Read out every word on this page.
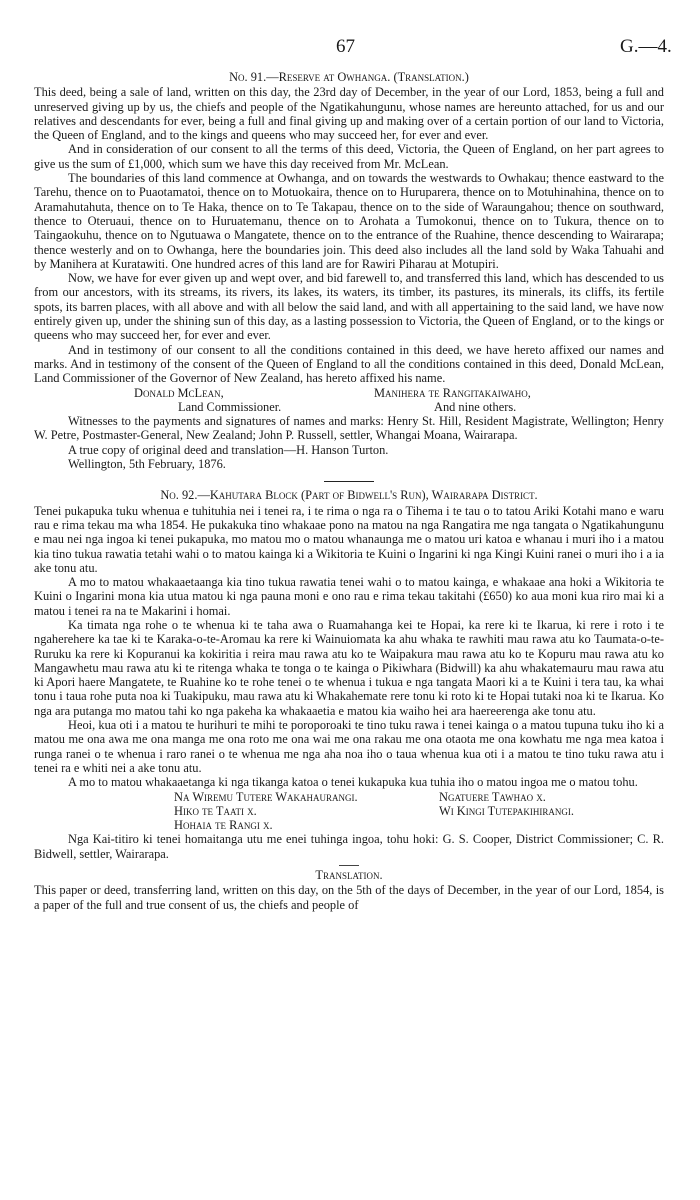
67	G.—4.

No. 91.—Reserve at Owhanga. (Translation.)

This deed, being a sale of land, written on this day, the 23rd day of December, in the year of our Lord, 1853, being a full and unreserved giving up by us, the chiefs and people of the Ngatikahungunu, whose names are hereunto attached, for us and our relatives and descendants for ever, being a full and final giving up and making over of a certain portion of our land to Victoria, the Queen of England, and to the kings and queens who may succeed her, for ever and ever.

And in consideration of our consent to all the terms of this deed, Victoria, the Queen of England, on her part agrees to give us the sum of £1,000, which sum we have this day received from Mr. McLean.

The boundaries of this land commence at Owhanga, and on towards the westwards to Owhakau; thence eastward to the Tarehu, thence on to Puaotamatoi, thence on to Motuokaira, thence on to Huruparera, thence on to Motuhinahina, thence on to Aramahutahuta, thence on to Te Haka, thence on to Te Takapau, thence on to the side of Waraungahou; thence on southward, thence to Oteruaui, thence on to Huruatemanu, thence on to Arohata a Tumokonui, thence on to Tukura, thence on to Taingaokuhu, thence on to Ngutuawa o Mangatete, thence on to the entrance of the Ruahine, thence descending to Wairarapa; thence westerly and on to Owhanga, here the boundaries join. This deed also includes all the land sold by Waka Tahuahi and by Manihera at Kuratawiti. One hundred acres of this land are for Rawiri Piharau at Motupiri.

Now, we have for ever given up and wept over, and bid farewell to, and transferred this land, which has descended to us from our ancestors, with its streams, its rivers, its lakes, its waters, its timber, its pastures, its minerals, its cliffs, its fertile spots, its barren places, with all above and with all below the said land, and with all appertaining to the said land, we have now entirely given up, under the shining sun of this day, as a lasting possession to Victoria, the Queen of England, or to the kings or queens who may succeed her, for ever and ever.

And in testimony of our consent to all the conditions contained in this deed, we have hereto affixed our names and marks. And in testimony of the consent of the Queen of England to all the conditions contained in this deed, Donald McLean, Land Commissioner of the Governor of New Zealand, has hereto affixed his name.

Donald McLean,
Land Commissioner.
Manihera te Rangitakaiwaho,
And nine others.

Witnesses to the payments and signatures of names and marks: Henry St. Hill, Resident Magistrate, Wellington; Henry W. Petre, Postmaster-General, New Zealand; John P. Russell, settler, Whangai Moana, Wairarapa.

A true copy of original deed and translation—H. Hanson Turton.

Wellington, 5th February, 1876.

No. 92.—Kahutara Block (Part of Bidwell's Run), Wairarapa District.

Tenei pukapuka tuku whenua e tuhituhia nei i tenei ra, i te rima o nga ra o Tihema i te tau o to tatou Ariki Kotahi mano e waru rau e rima tekau ma wha 1854. He pukakuka tino whakaae pono na matou na nga Rangatira me nga tangata o Ngatikahungunu e mau nei nga ingoa ki tenei pukapuka, mo matou mo o matou whanaunga me o matou uri katoa e whanau i muri iho i a matou kia tino tukua rawatia tetahi wahi o to matou kainga ki a Wikitoria te Kuini o Ingarini ki nga Kingi Kuini ranei o muri iho i a ia ake tonu atu.

A mo to matou whakaaetaanga kia tino tukua rawatia tenei wahi o to matou kainga, e whakaae ana hoki a Wikitoria te Kuini o Ingarini mona kia utua matou ki nga pauna moni e ono rau e rima tekau takitahi (£650) ko aua moni kua riro mai ki a matou i tenei ra na te Makarini i homai.

Ka timata nga rohe o te whenua ki te taha awa o Ruamahanga kei te Hopai, ka rere ki te Ikarua, ki rere i roto i te ngaherehere ka tae ki te Karaka-o-te-Aromau ka rere ki Wainuiomata ka ahu whaka te rawhiti mau rawa atu ko Taumata-o-te-Ruruku ka rere ki Kopuranui ka kokiritia i reira mau rawa atu ko te Waipakura mau rawa atu ko te Kopuru mau rawa atu ko Mangawhetu mau rawa atu ki te ritenga whaka te tonga o te kainga o Pikiwhara (Bidwill) ka ahu whakatemauru mau rawa atu ki Apori haere Mangatete, te Ruahine ko te rohe tenei o te whenua i tukua e nga tangata Maori ki a te Kuini i tera tau, ka whai tonu i taua rohe puta noa ki Tuakipuku, mau rawa atu ki Whakahemate rere tonu ki roto ki te Hopai tutaki noa ki te Ikarua. Ko nga ara putanga mo matou tahi ko nga pakeha ka whakaaetia e matou kia waiho hei ara haereerenga ake tonu atu.

Heoi, kua oti i a matou te hurihuri te mihi te poroporoaki te tino tuku rawa i tenei kainga o a matou tupuna tuku iho ki a matou me ona awa me ona manga me ona roto me ona wai me ona rakau me ona otaota me ona kowhatu me nga mea katoa i runga ranei o te whenua i raro ranei o te whenua me nga aha noa iho o taua whenua kua oti i a matou te tino tuku rawa atu i tenei ra e whiti nei a ake tonu atu.

A mo to matou whakaaetanga ki nga tikanga katoa o tenei kukapuka kua tuhia iho o matou ingoa me o matou tohu.

Na Wiremu Tutere Wakahaurangi.
Hiko te Taati x.
Hohaia te Rangi x.
Ngatuere Tawhao x.
Wi Kingi Tutepakihirangi.

Nga Kai-titiro ki tenei homaitanga utu me enei tuhinga ingoa, tohu hoki: G. S. Cooper, District Commissioner; C. R. Bidwell, settler, Wairarapa.

Translation.

This paper or deed, transferring land, written on this day, on the 5th of the days of December, in the year of our Lord, 1854, is a paper of the full and true consent of us, the chiefs and people of
